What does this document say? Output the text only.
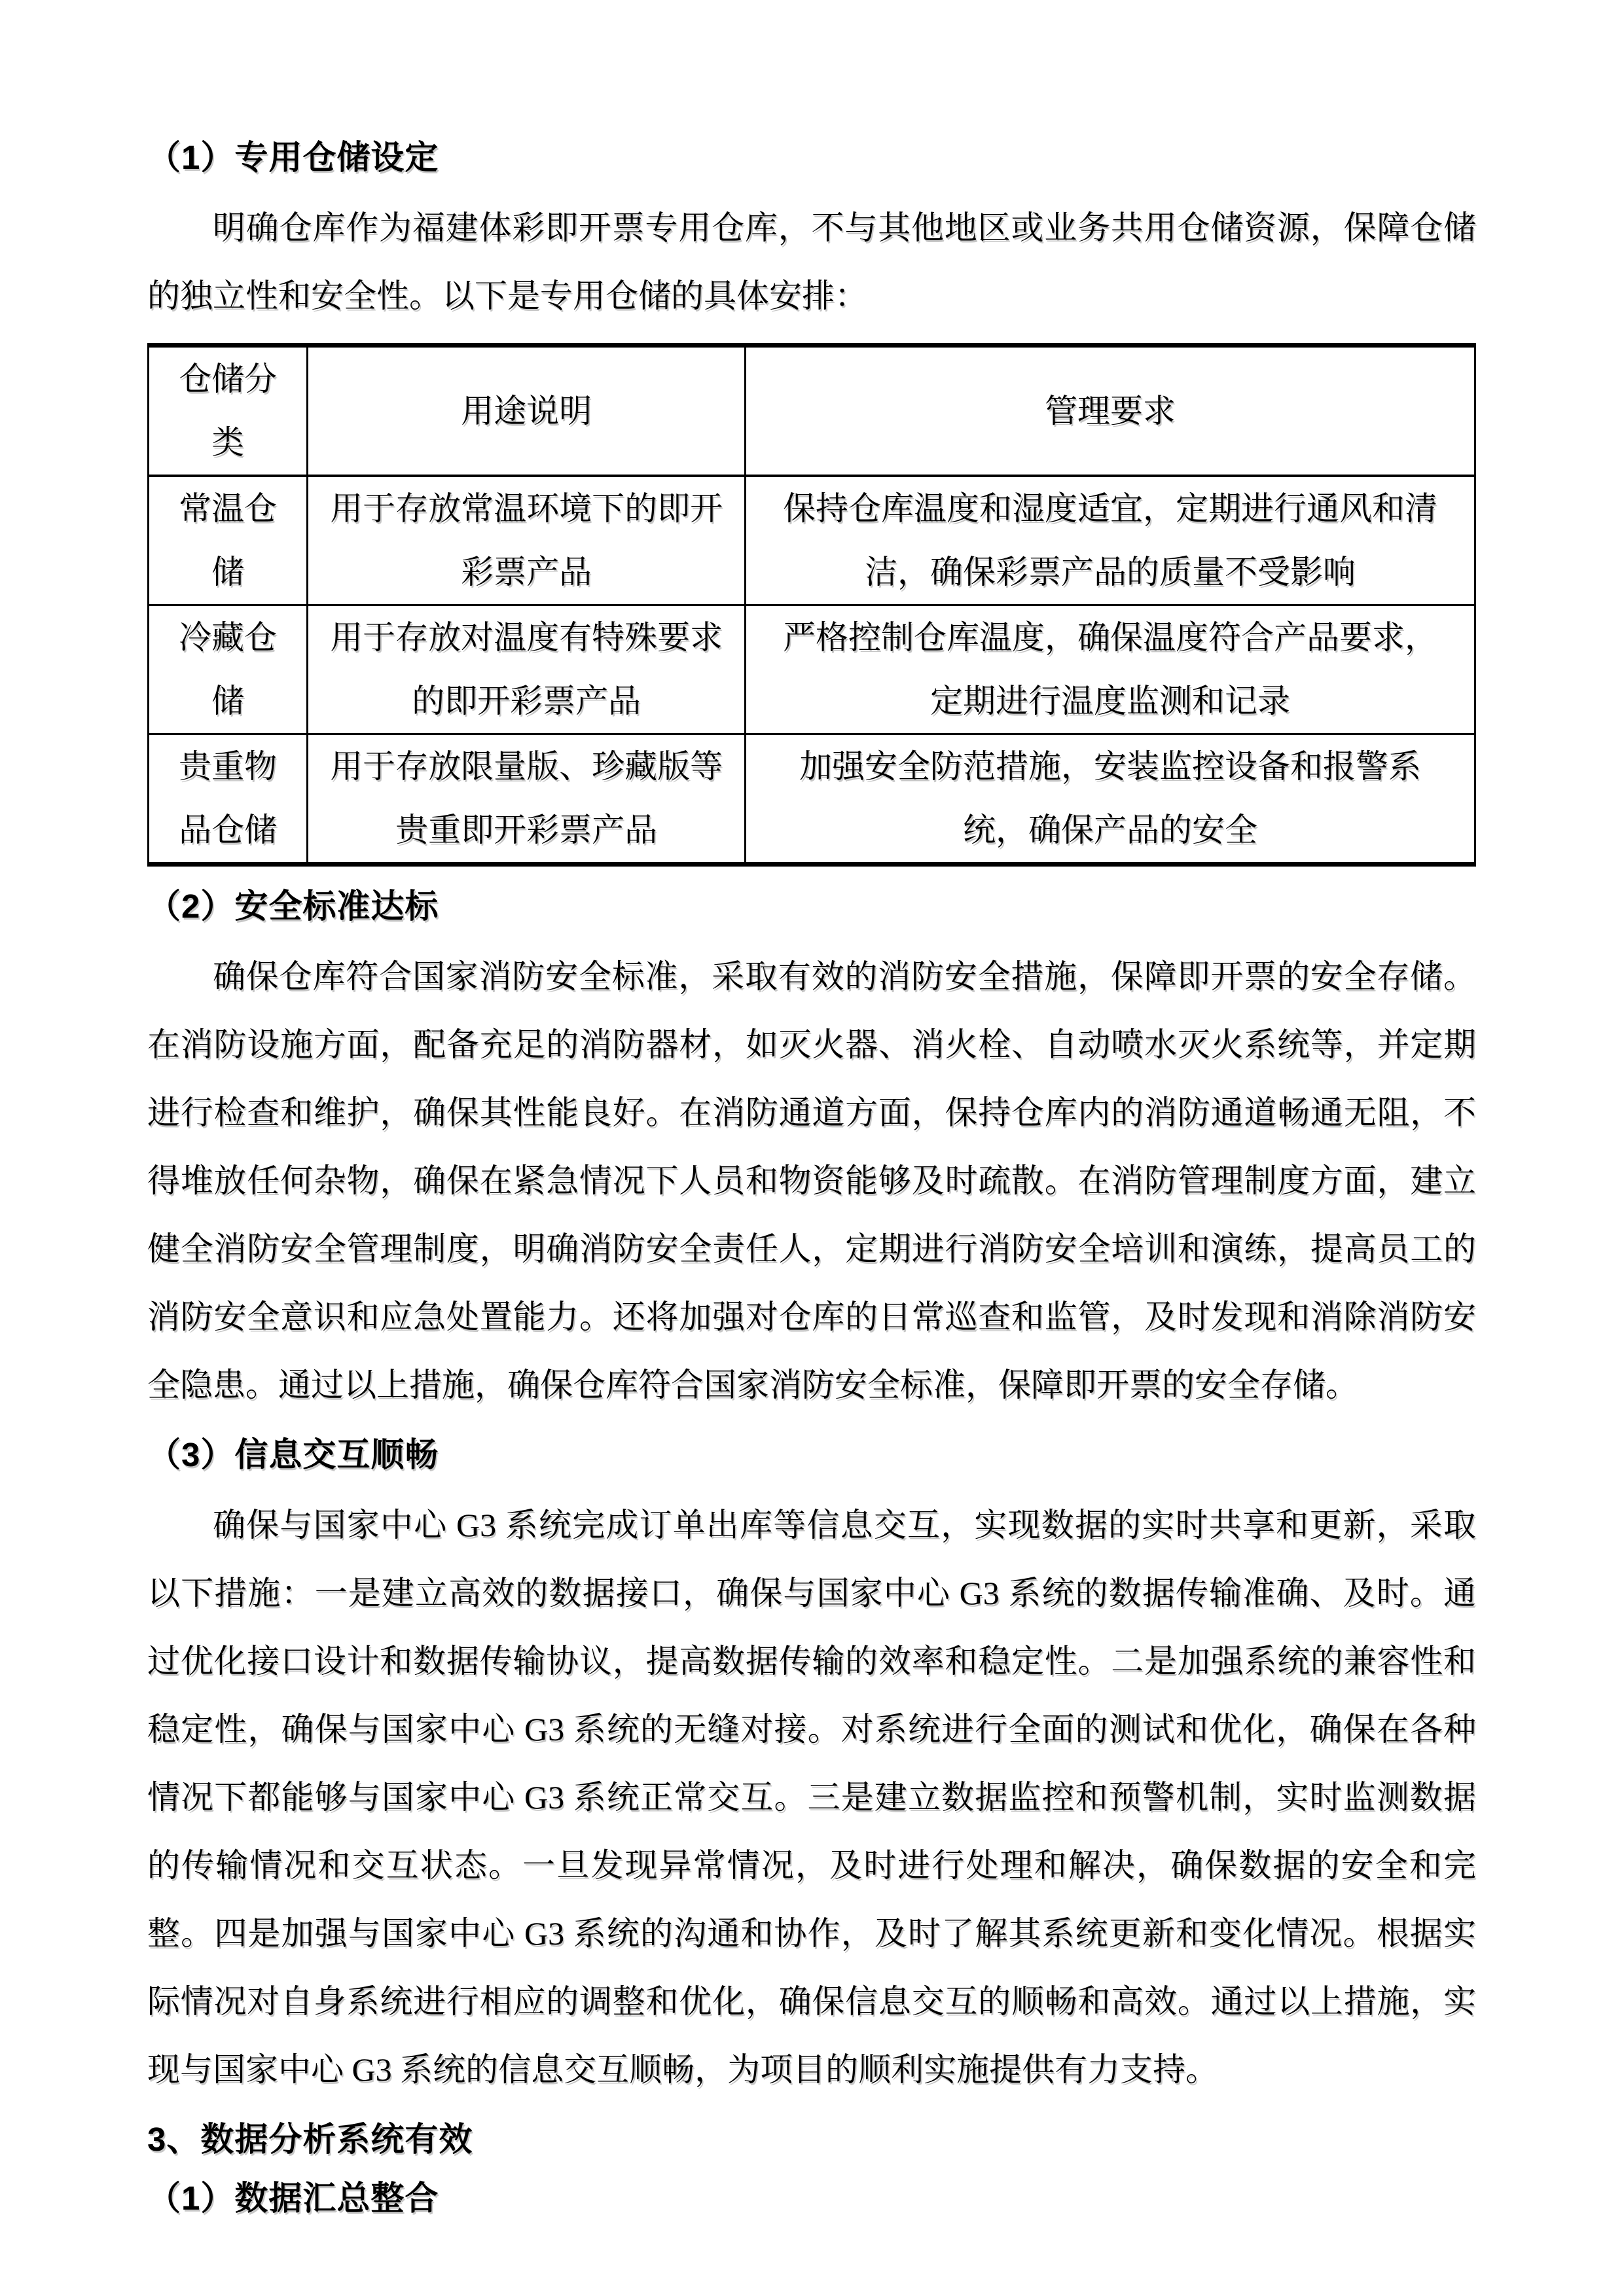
（1）专用仓储设定

明确仓库作为福建体彩即开票专用仓库，不与其他地区或业务共用仓储资源，保障仓储的独立性和安全性。以下是专用仓储的具体安排：

仓储分类	用途说明	管理要求
常温仓储	用于存放常温环境下的即开彩票产品	保持仓库温度和湿度适宜，定期进行通风和清洁，确保彩票产品的质量不受影响
冷藏仓储	用于存放对温度有特殊要求的即开彩票产品	严格控制仓库温度，确保温度符合产品要求，定期进行温度监测和记录
贵重物品仓储	用于存放限量版、珍藏版等贵重即开彩票产品	加强安全防范措施，安装监控设备和报警系统，确保产品的安全
（2）安全标准达标

确保仓库符合国家消防安全标准，采取有效的消防安全措施，保障即开票的安全存储。在消防设施方面，配备充足的消防器材，如灭火器、消火栓、自动喷水灭火系统等，并定期进行检查和维护，确保其性能良好。在消防通道方面，保持仓库内的消防通道畅通无阻，不得堆放任何杂物，确保在紧急情况下人员和物资能够及时疏散。在消防管理制度方面，建立健全消防安全管理制度，明确消防安全责任人，定期进行消防安全培训和演练，提高员工的消防安全意识和应急处置能力。还将加强对仓库的日常巡查和监管，及时发现和消除消防安全隐患。通过以上措施，确保仓库符合国家消防安全标准，保障即开票的安全存储。

（3）信息交互顺畅

确保与国家中心 G3 系统完成订单出库等信息交互，实现数据的实时共享和更新，采取以下措施：一是建立高效的数据接口，确保与国家中心 G3 系统的数据传输准确、及时。通过优化接口设计和数据传输协议，提高数据传输的效率和稳定性。二是加强系统的兼容性和稳定性，确保与国家中心 G3 系统的无缝对接。对系统进行全面的测试和优化，确保在各种情况下都能够与国家中心 G3 系统正常交互。三是建立数据监控和预警机制，实时监测数据的传输情况和交互状态。一旦发现异常情况，及时进行处理和解决，确保数据的安全和完整。四是加强与国家中心 G3 系统的沟通和协作，及时了解其系统更新和变化情况。根据实际情况对自身系统进行相应的调整和优化，确保信息交互的顺畅和高效。通过以上措施，实现与国家中心 G3 系统的信息交互顺畅，为项目的顺利实施提供有力支持。

3、数据分析系统有效
（1）数据汇总整合
